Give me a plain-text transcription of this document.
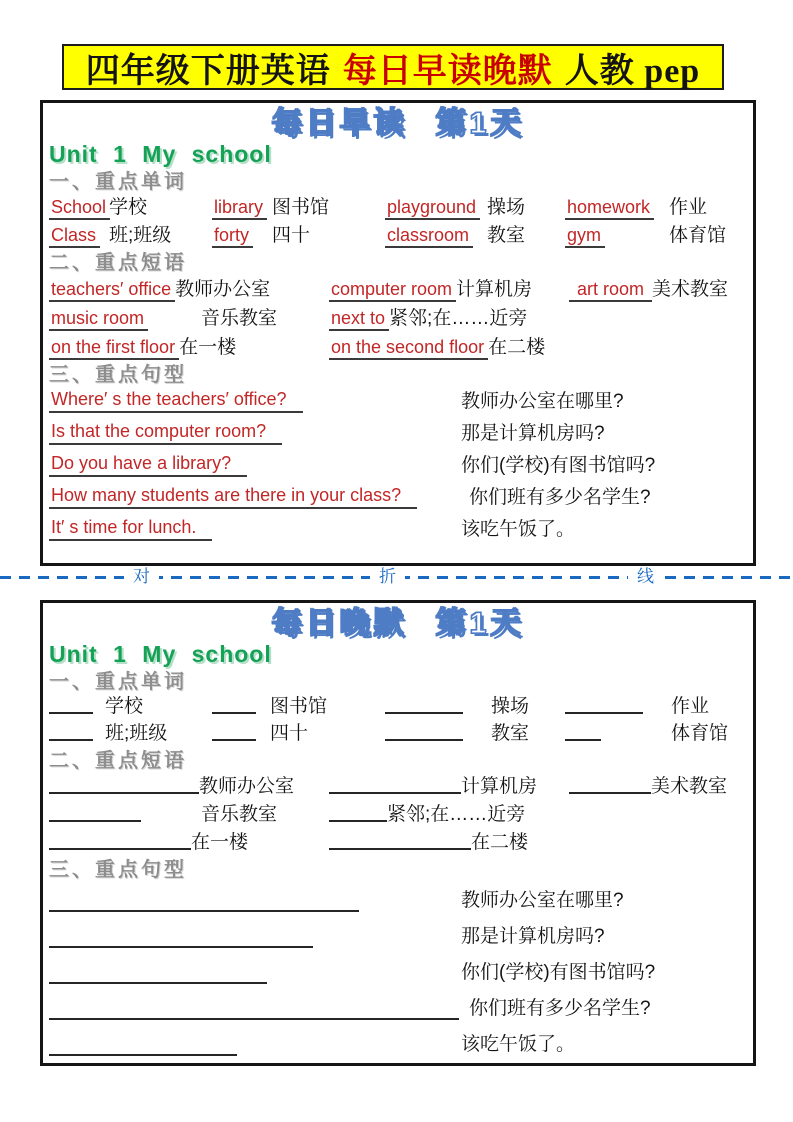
四年级下册英语 每日早读晚默 人教 pep
每日早读 第1天
Unit 1 My school
一、重点单词
School 学校	library 图书馆	playground 操场	homework 作业
Class 班;班级	forty 四十	classroom 教室	gym	体育馆
二、重点短语
teachers′ office 教师办公室	computer room 计算机房	art room 美术教室
music room	音乐教室	next to 紧邻;在……近旁
on the first floor 在一楼	on the second floor 在二楼
三、重点句型
Where′ s the teachers′ office?	教师办公室在哪里?
Is that the computer room?	那是计算机房吗?
Do you have a library?	你们(学校)有图书馆吗?
How many students are there in your class?	你们班有多少名学生?
It′ s time for lunch.	该吃午饭了。
对	折	线
每日晚默 第1天
Unit 1 My school
一、重点单词
学校	图书馆	操场	作业
班;班级	四十	教室	体育馆
二、重点短语
教师办公室	计算机房	美术教室
音乐教室	紧邻;在……近旁
在一楼	在二楼
三、重点句型
教师办公室在哪里?
那是计算机房吗?
你们(学校)有图书馆吗?
你们班有多少名学生?
该吃午饭了。
